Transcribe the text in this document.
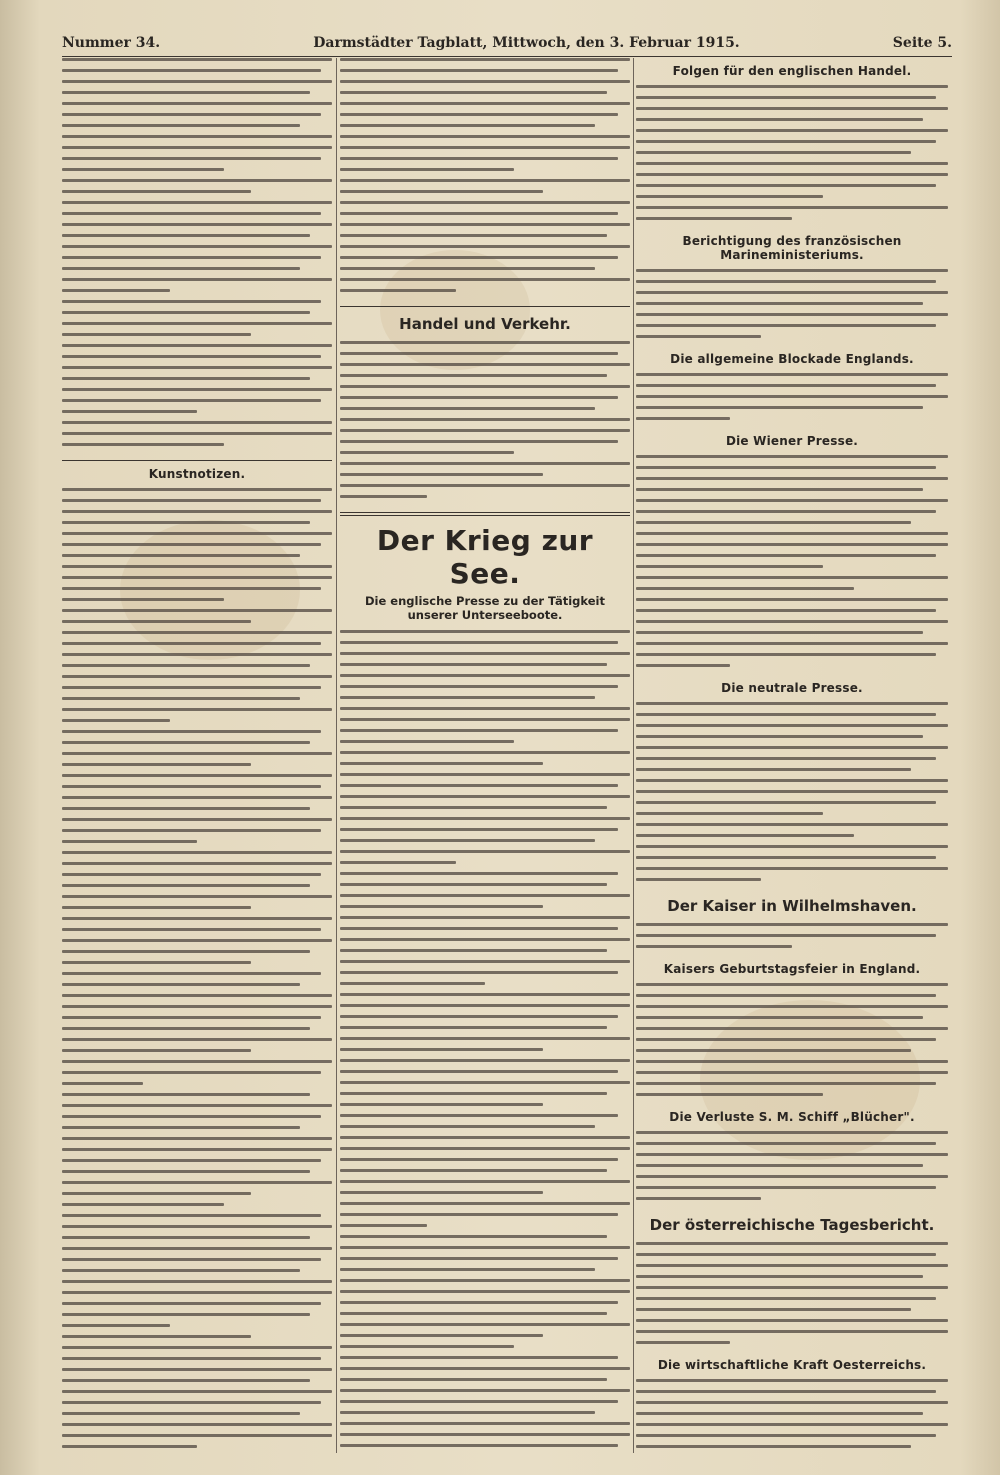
Nummer 34.	Darmstädter Tagblatt, Mittwoch, den 3. Februar 1915.	Seite 5.
Kunstnotizen.
Handel und Verkehr.
Der Krieg zur See.
Die englische Presse zu der Tätigkeit unserer Unterseeboote.
Folgen für den englischen Handel.
Berichtigung des französischen Marineministeriums.
Die allgemeine Blockade Englands.
Die Wiener Presse.
Die neutrale Presse.
Der Kaiser in Wilhelmshaven.
Kaisers Geburtstagsfeier in England.
Die Verluste S. M. Schiff „Blücher".
Der österreichische Tagesbericht.
Die wirtschaftliche Kraft Oesterreichs.
